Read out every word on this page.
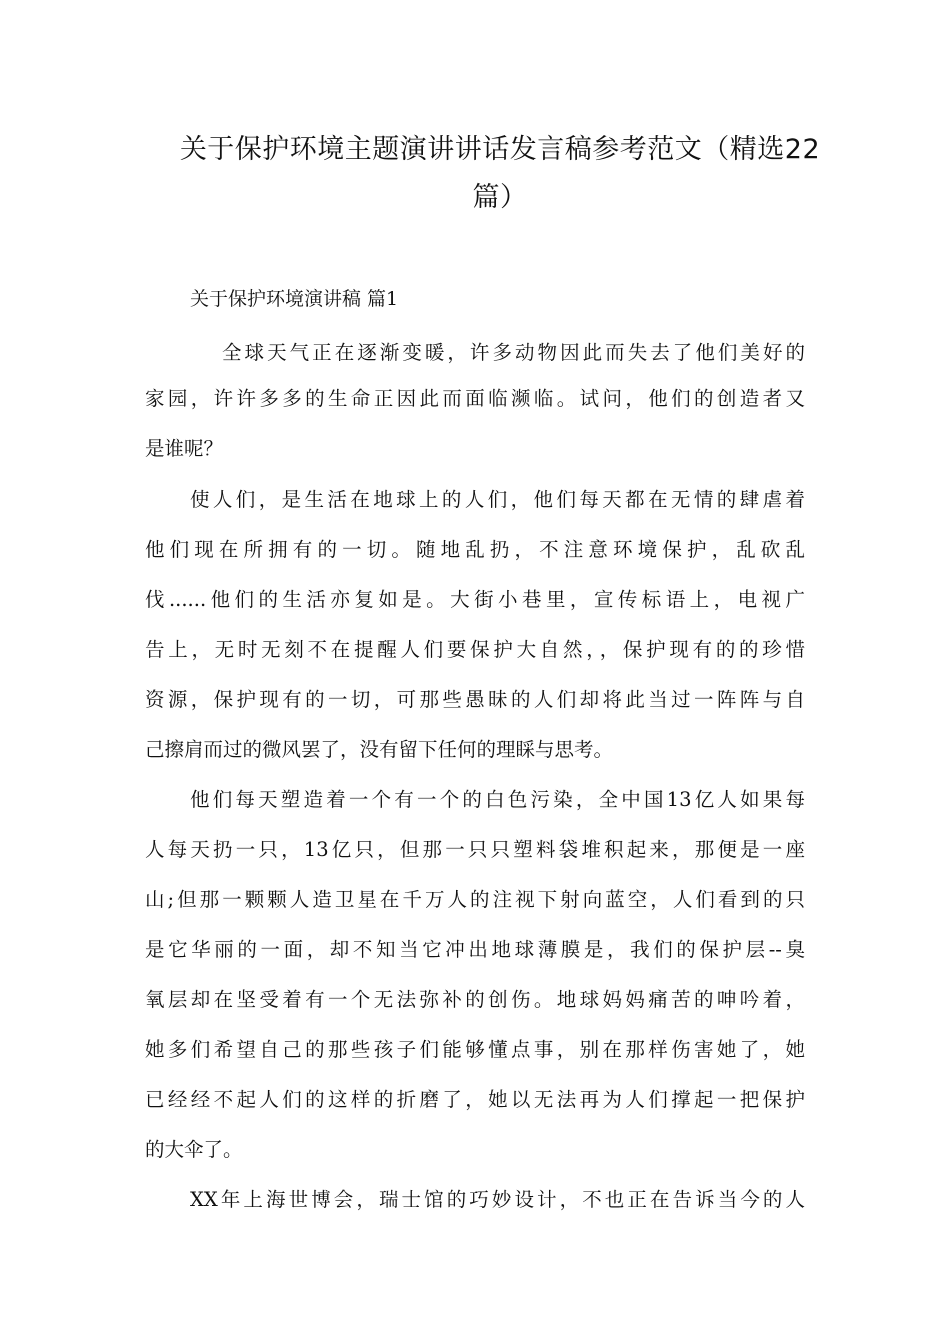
关于保护环境主题演讲讲话发言稿参考范文（精选22
篇）
关于保护环境演讲稿 篇1
全球天气正在逐渐变暖，许多动物因此而失去了他们美好的
家园，许许多多的生命正因此而面临濒临。试问，他们的创造者又
是谁呢？
使人们，是生活在地球上的人们，他们每天都在无情的肆虐着
他们现在所拥有的一切。随地乱扔，不注意环境保护，乱砍乱
伐......他们的生活亦复如是。大街小巷里，宣传标语上，电视广
告上，无时无刻不在提醒人们要保护大自然，，保护现有的的珍惜
资源，保护现有的一切，可那些愚昧的人们却将此当过一阵阵与自
己擦肩而过的微风罢了，没有留下任何的理睬与思考。
他们每天塑造着一个有一个的白色污染，全中国13亿人如果每
人每天扔一只，13亿只，但那一只只塑料袋堆积起来，那便是一座
山;但那一颗颗人造卫星在千万人的注视下射向蓝空，人们看到的只
是它华丽的一面，却不知当它冲出地球薄膜是，我们的保护层--臭
氧层却在坚受着有一个无法弥补的创伤。地球妈妈痛苦的呻吟着，
她多们希望自己的那些孩子们能够懂点事，别在那样伤害她了，她
已经经不起人们的这样的折磨了，她以无法再为人们撑起一把保护
的大伞了。
XX年上海世博会，瑞士馆的巧妙设计，不也正在告诉当今的人
